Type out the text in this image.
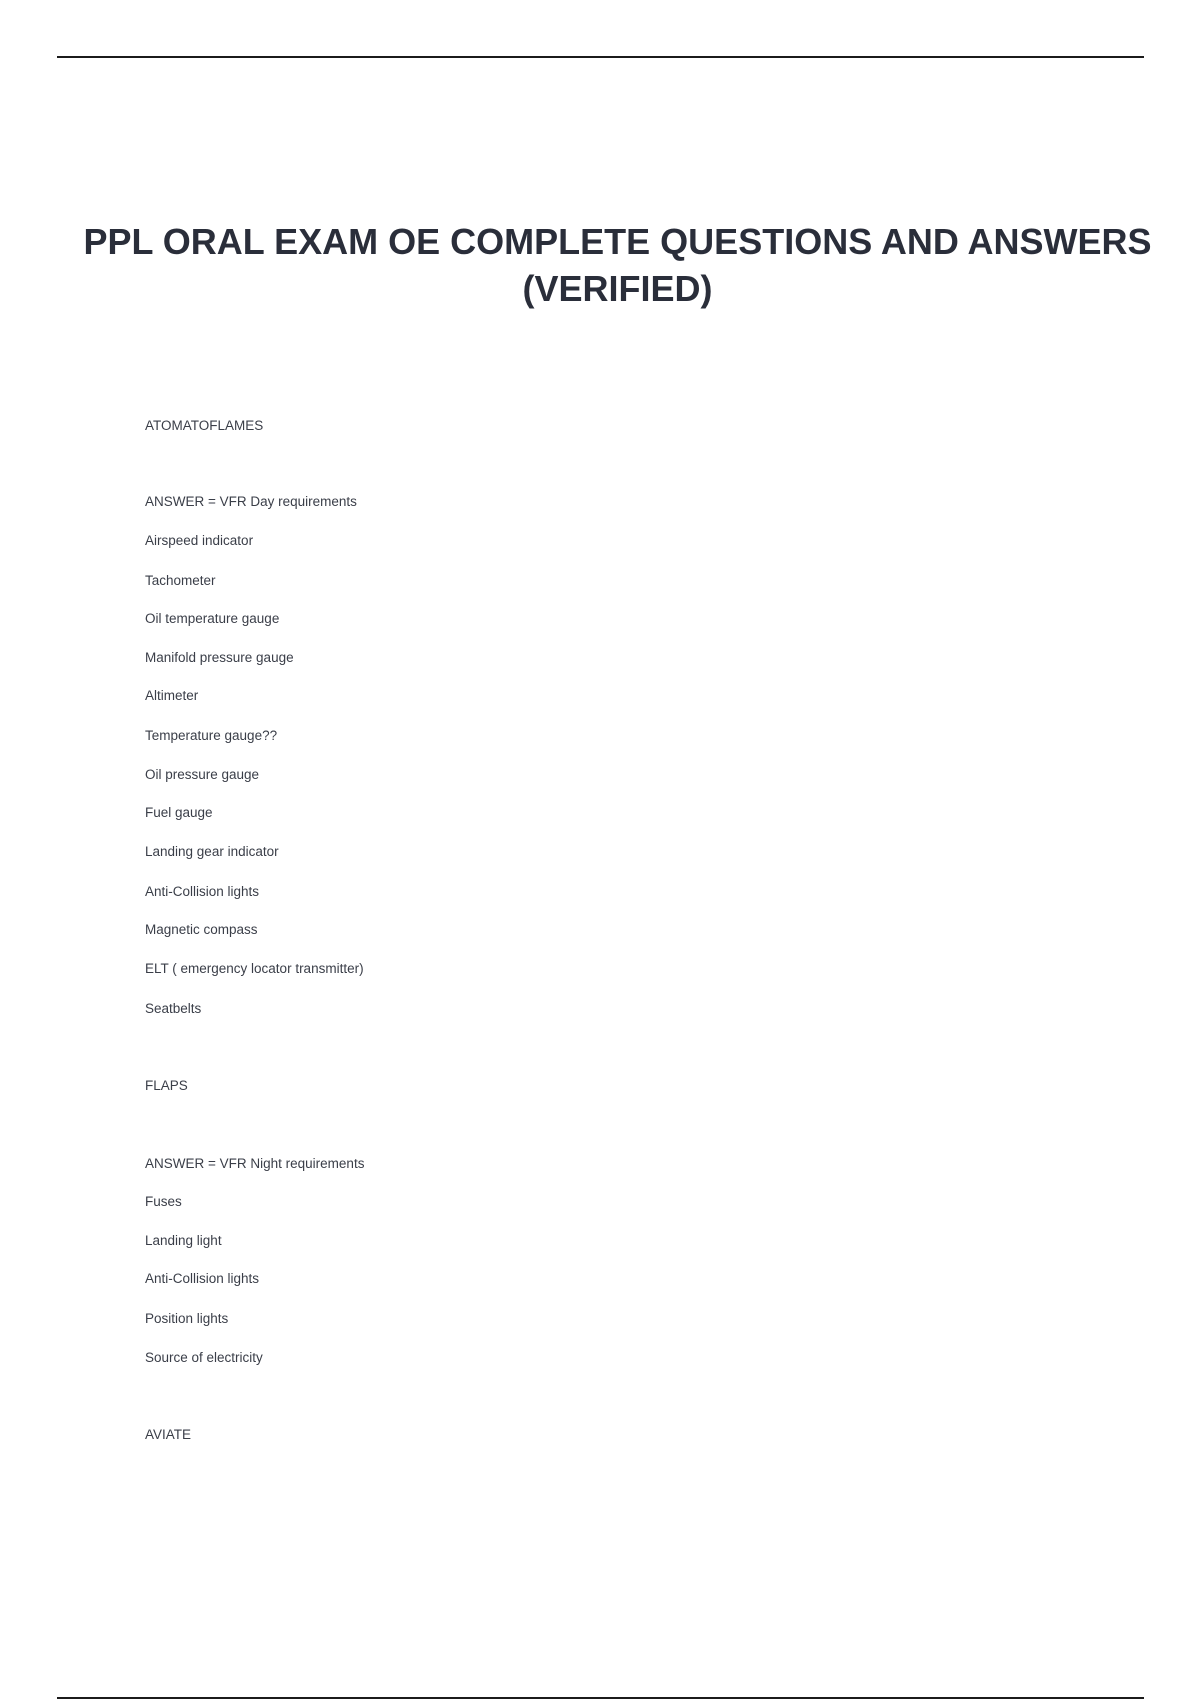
PPL ORAL EXAM OE COMPLETE QUESTIONS AND ANSWERS (VERIFIED)
ATOMATOFLAMES
ANSWER = VFR Day requirements
Airspeed indicator
Tachometer
Oil temperature gauge
Manifold pressure gauge
Altimeter
Temperature gauge??
Oil pressure gauge
Fuel gauge
Landing gear indicator
Anti-Collision lights
Magnetic compass
ELT ( emergency locator transmitter)
Seatbelts
FLAPS
ANSWER = VFR Night requirements
Fuses
Landing light
Anti-Collision lights
Position lights
Source of electricity
AVIATE
